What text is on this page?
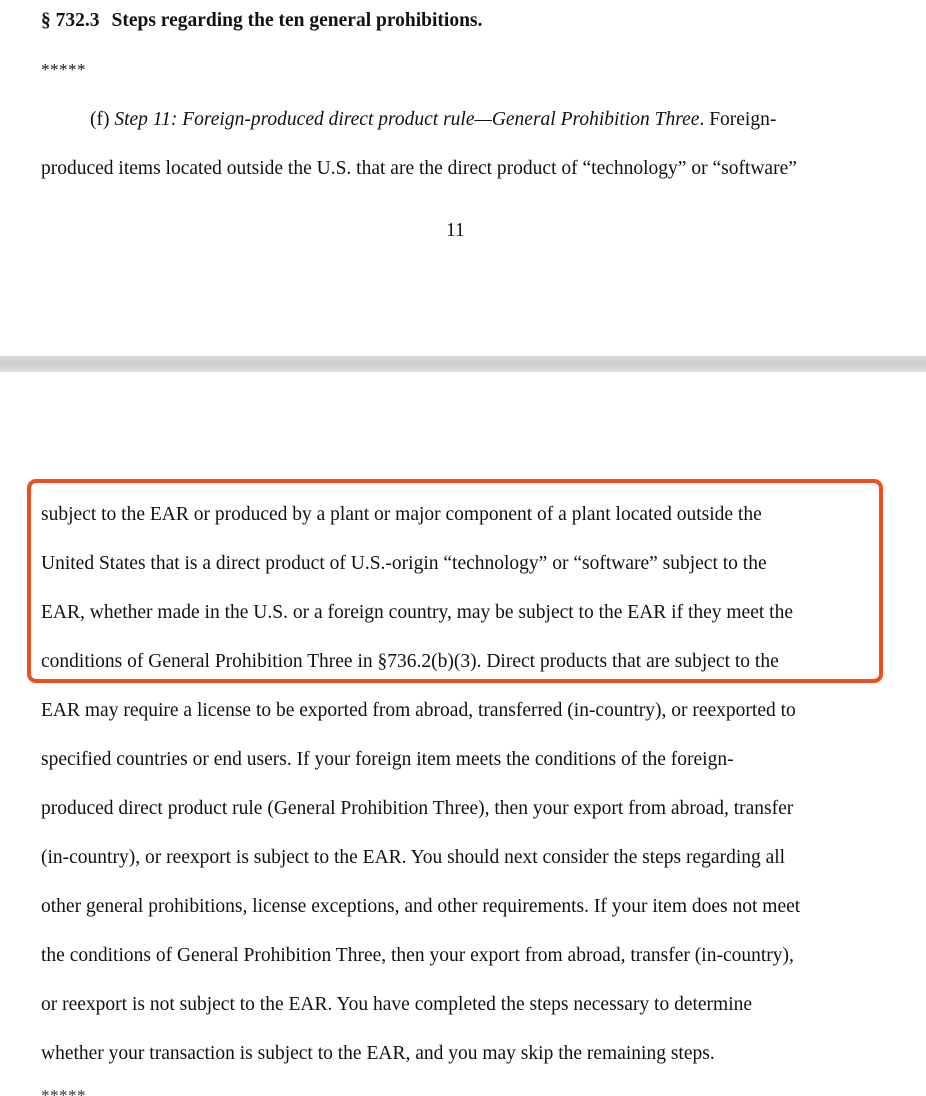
§ 732.3 Steps regarding the ten general prohibitions.
*****
(f) Step 11: Foreign-produced direct product rule—General Prohibition Three. Foreign-
produced items located outside the U.S. that are the direct product of “technology” or “software”
11
subject to the EAR or produced by a plant or major component of a plant located outside the
United States that is a direct product of U.S.-origin “technology” or “software” subject to the
EAR, whether made in the U.S. or a foreign country, may be subject to the EAR if they meet the
conditions of General Prohibition Three in §736.2(b)(3). Direct products that are subject to the
EAR may require a license to be exported from abroad, transferred (in-country), or reexported to
specified countries or end users. If your foreign item meets the conditions of the foreign-
produced direct product rule (General Prohibition Three), then your export from abroad, transfer
(in-country), or reexport is subject to the EAR. You should next consider the steps regarding all
other general prohibitions, license exceptions, and other requirements. If your item does not meet
the conditions of General Prohibition Three, then your export from abroad, transfer (in-country),
or reexport is not subject to the EAR. You have completed the steps necessary to determine
whether your transaction is subject to the EAR, and you may skip the remaining steps.
*****
